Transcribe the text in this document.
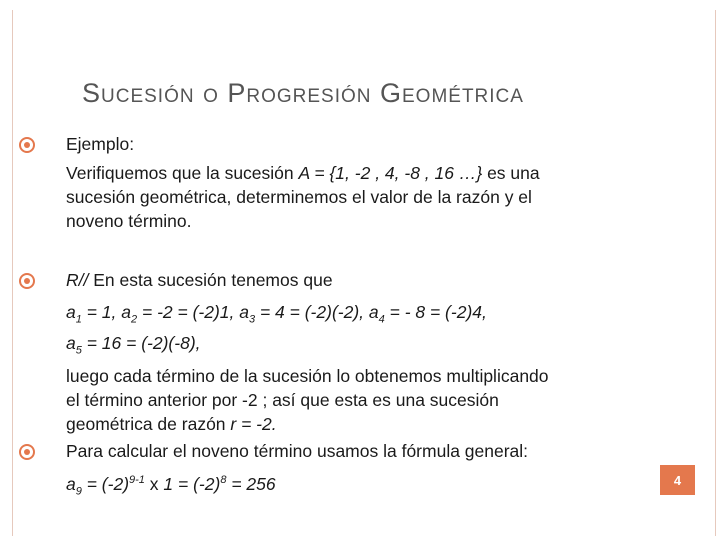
Sucesión o Progresión Geométrica
Ejemplo:
Verifiquemos que la sucesión A = {1, -2 , 4, -8 , 16 …} es una
sucesión geométrica, determinemos el valor de la razón y el
noveno término.
R// En esta sucesión tenemos que
$a_1 = 1$, $a_2 = -2 = (-2)1$, $a_3 = 4 = (-2)(-2)$, $a_4$ = - 8 = (-2)4,
$a_5 = 16 = (-2)(-8)$,
luego cada término de la sucesión lo obtenemos multiplicando
el término anterior por -2 ; así que esta es una sucesión
geométrica de razón r = -2.
Para calcular el noveno término usamos la fórmula general:
$a_9 = (-2)^{9-1}$ x $1 = (-2)^8 = 256$	4
